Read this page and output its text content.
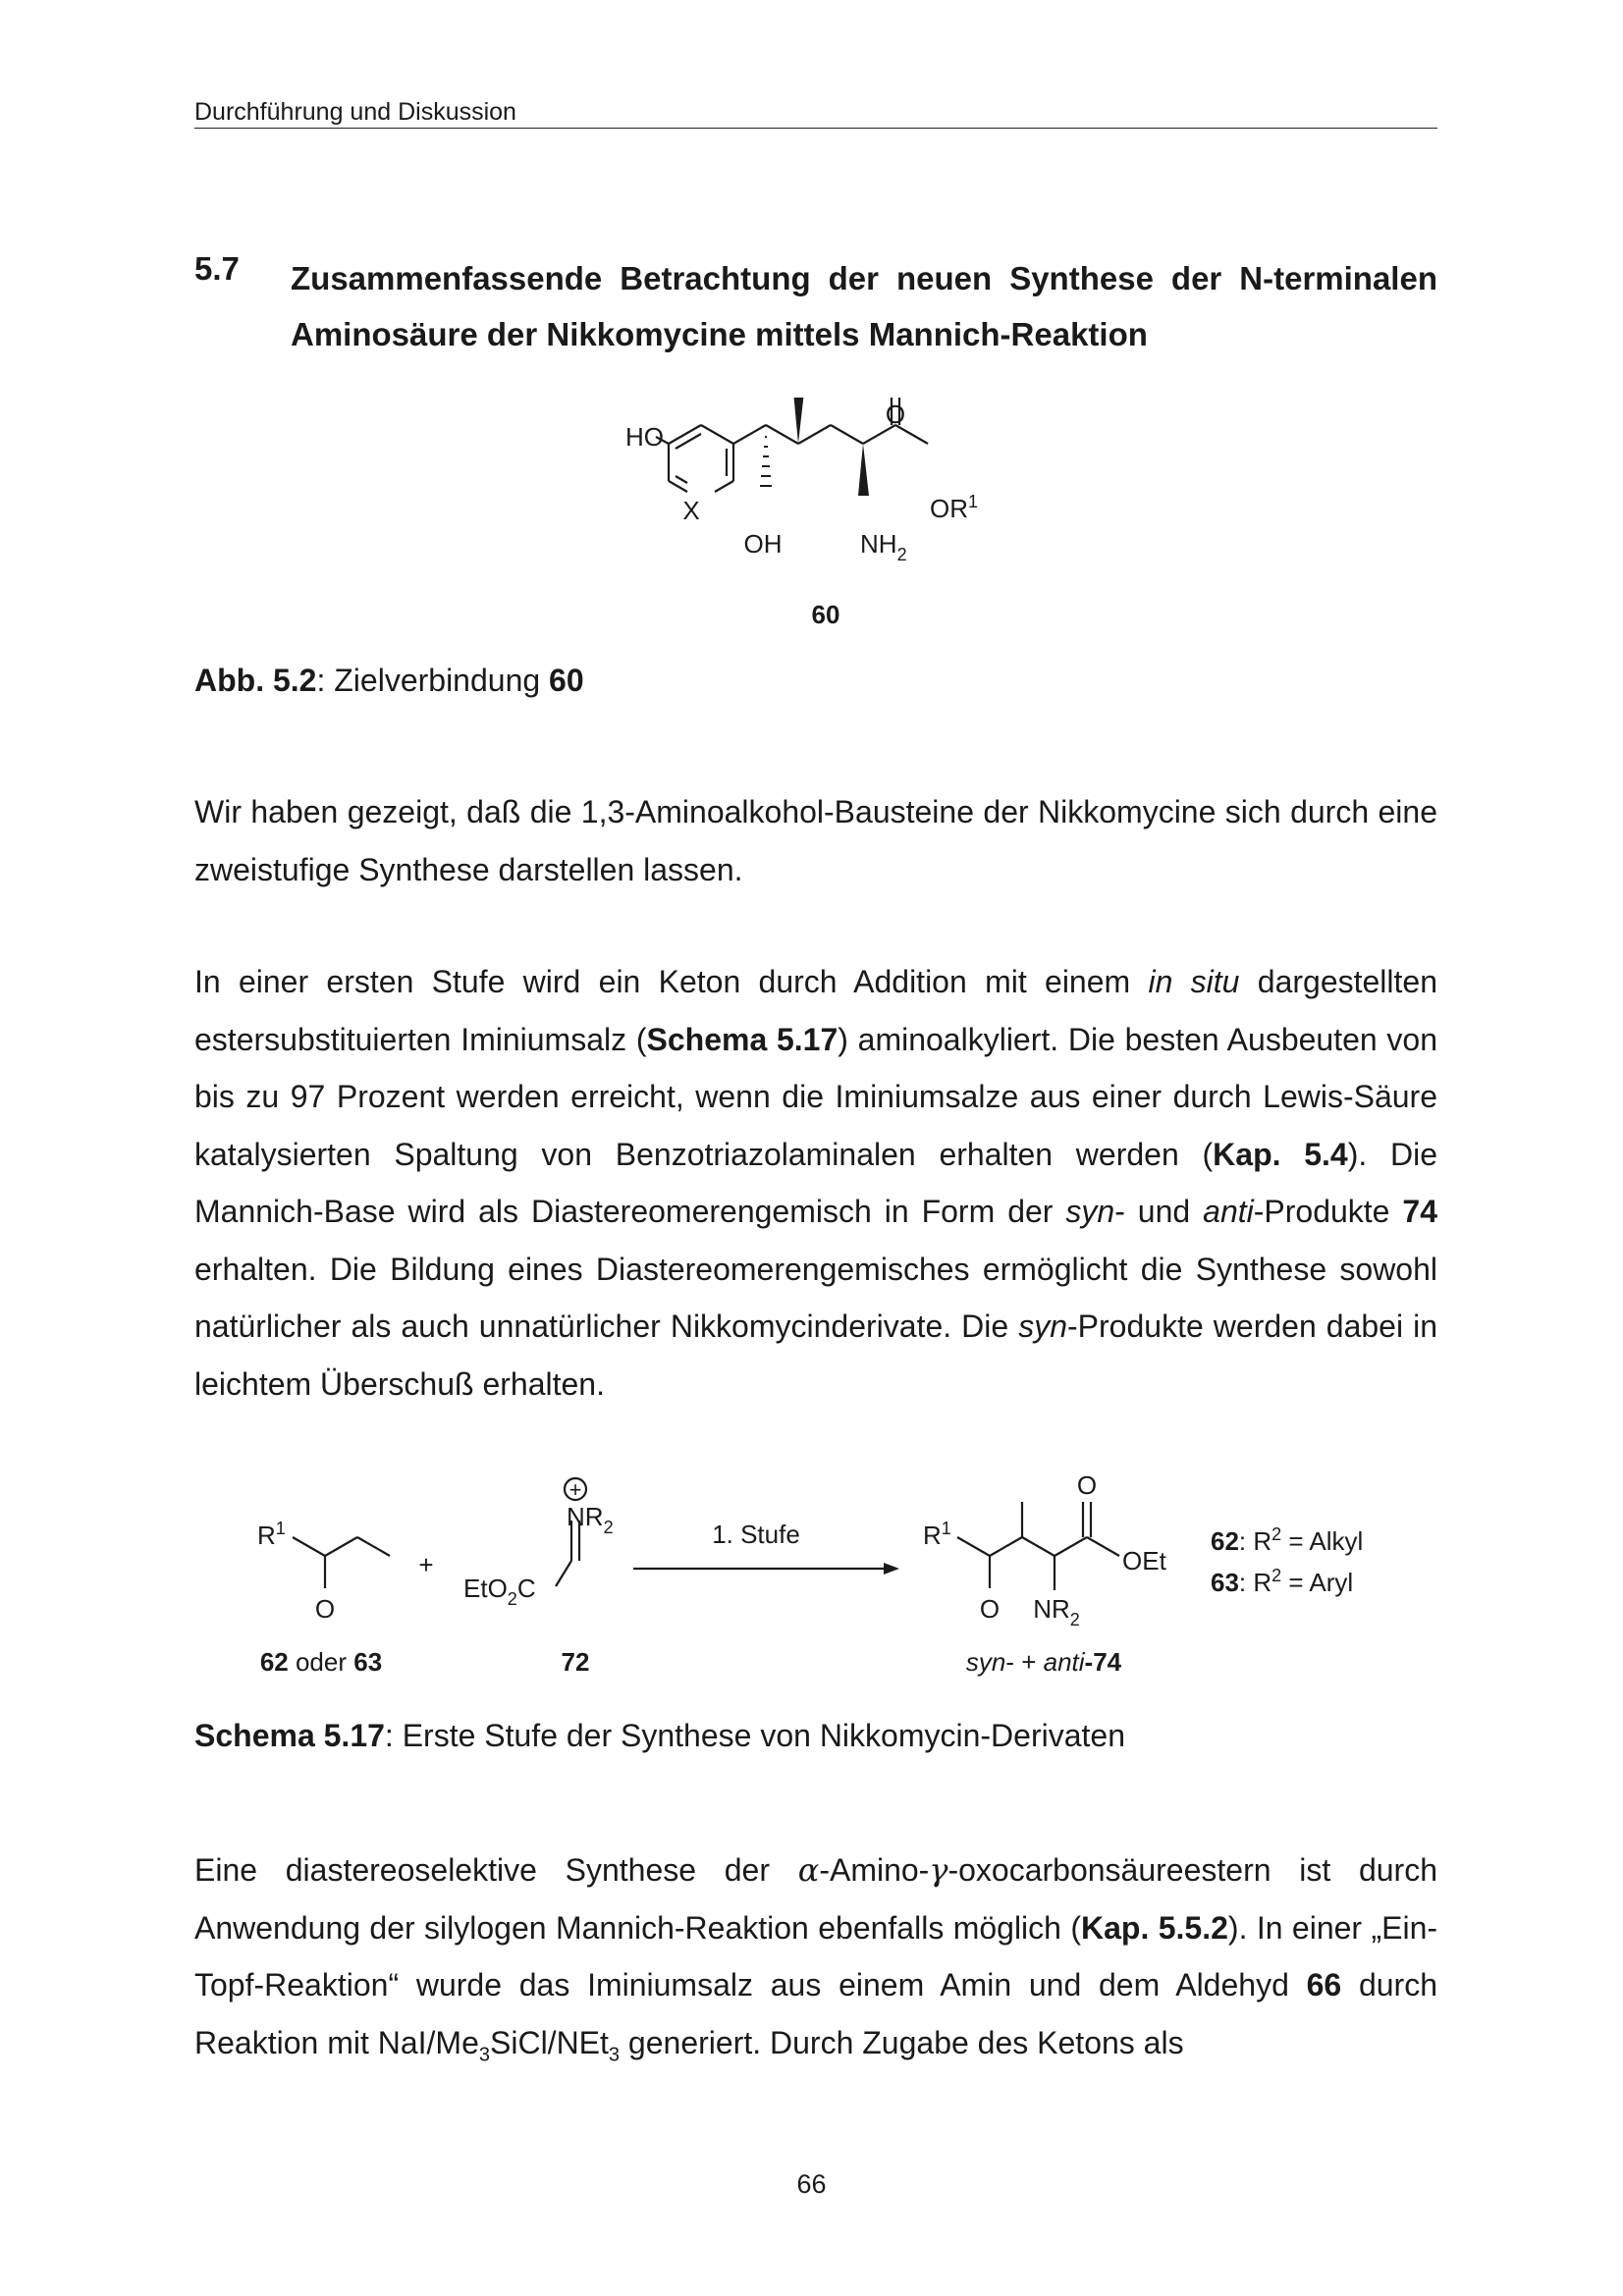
Durchführung und Diskussion
5.7 Zusammenfassende Betrachtung der neuen Synthese der N-terminalen Aminosäure der Nikkomycine mittels Mannich-Reaktion
HO
X
O
$OR^1$
OH	$NH_2$
60
Abb. 5.2: Zielverbindung 60
Wir haben gezeigt, daß die 1,3-Aminoalkohol-Bausteine der Nikkomycine sich durch eine zweistufige Synthese darstellen lassen.
In einer ersten Stufe wird ein Keton durch Addition mit einem in situ dargestellten estersubstituierten Iminiumsalz (Schema 5.17) aminoalkyliert. Die besten Ausbeuten von bis zu 97 Prozent werden erreicht, wenn die Iminiumsalze aus einer durch Lewis-Säure katalysierten Spaltung von Benzotriazolaminalen erhalten werden (Kap. 5.4). Die Mannich-Base wird als Diastereomerengemisch in Form der syn- und anti-Produkte 74 erhalten. Die Bildung eines Diastereomerengemisches ermöglicht die Synthese sowohl natürlicher als auch unnatürlicher Nikkomycinderivate. Die syn-Produkte werden dabei in leichtem Überschuß erhalten.
$R^1$
O
+
+
$NR_2$
EtO$_2$C
1. Stufe	$R^1$
O
O
OEt
$NR_2$
62: $R^2$ = Alkyl
63: $R^2$ = Aryl
62 oder 63	72	syn- + anti-74
Schema 5.17: Erste Stufe der Synthese von Nikkomycin-Derivaten
Eine diastereoselektive Synthese der α-Amino-γ-oxocarbonsäureestern ist durch Anwendung der silylogen Mannich-Reaktion ebenfalls möglich (Kap. 5.5.2). In einer „Ein-Topf-Reaktion“ wurde das Iminiumsalz aus einem Amin und dem Aldehyd 66 durch Reaktion mit NaI/$Me_3SiCl/NEt_3$ generiert. Durch Zugabe des Ketons als
66
